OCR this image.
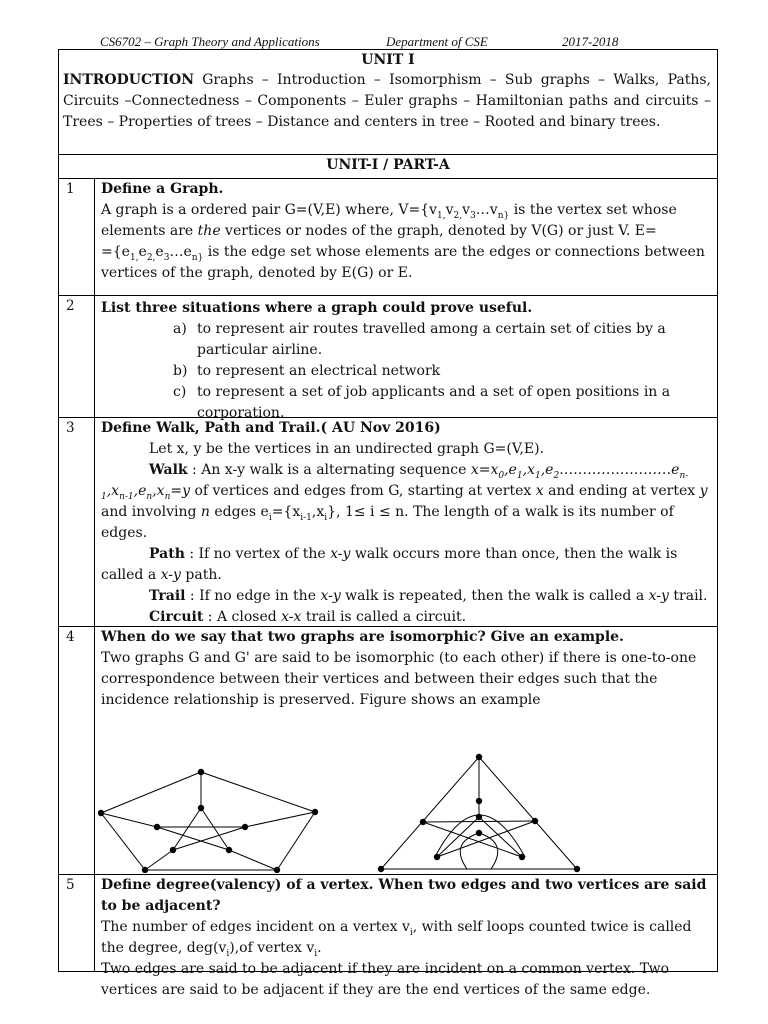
CS6702 – Graph Theory and Applications	Department of CSE	2017-2018
UNIT I
INTRODUCTION Graphs – Introduction – Isomorphism – Sub graphs – Walks, Paths, Circuits –Connectedness – Components – Euler graphs – Hamiltonian paths and circuits – Trees – Properties of trees – Distance and centers in tree – Rooted and binary trees.
UNIT-I / PART-A
1 Define a Graph.
A graph is a ordered pair G=(V,E) where, $V=\{v_{1,}v_{2,}v_3\dots v_{n\}}$ is the vertex set whose elements are the vertices or nodes of the graph, denoted by V(G) or just V. E=
$=\{e_{1,}e_{2,}e_3\dots e_{n\}}$ is the edge set whose elements are the edges or connections between vertices of the graph, denoted by E(G) or E.
2 List three situations where a graph could prove useful.
a) to represent air routes travelled among a certain set of cities by a particular airline.
b) to represent an electrical network
c) to represent a set of job applicants and a set of open positions in a corporation.
3 Define Walk, Path and Trail.( AU Nov 2016)
Let x, y be the vertices in an undirected graph G=(V,E).
Walk : An x-y walk is a alternating sequence $x=x_0,e_1,x_1,e_2\dots\dots\dots\dots\dots\dots\dots\dots e_{n-1},x_{n-1},e_n,x_n=y$ of vertices and edges from G, starting at vertex x and ending at vertex y and involving n edges $e_i=\{x_{i-1},x_i\}$, 1≤ i ≤ n. The length of a walk is its number of edges.
Path : If no vertex of the x-y walk occurs more than once, then the walk is called a x-y path.
Trail : If no edge in the x-y walk is repeated, then the walk is called a x-y trail.
Circuit : A closed x-x trail is called a circuit.
4 When do we say that two graphs are isomorphic? Give an example.
Two graphs G and G' are said to be isomorphic (to each other) if there is one-to-one correspondence between their vertices and between their edges such that the incidence relationship is preserved. Figure shows an example
5 Define degree(valency) of a vertex. When two edges and two vertices are said to be adjacent?
The number of edges incident on a vertex $v_i$, with self loops counted twice is called the degree, $deg(v_i),of$ vertex $v_i$.
Two edges are said to be adjacent if they are incident on a common vertex. Two vertices are said to be adjacent if they are the end vertices of the same edge.
